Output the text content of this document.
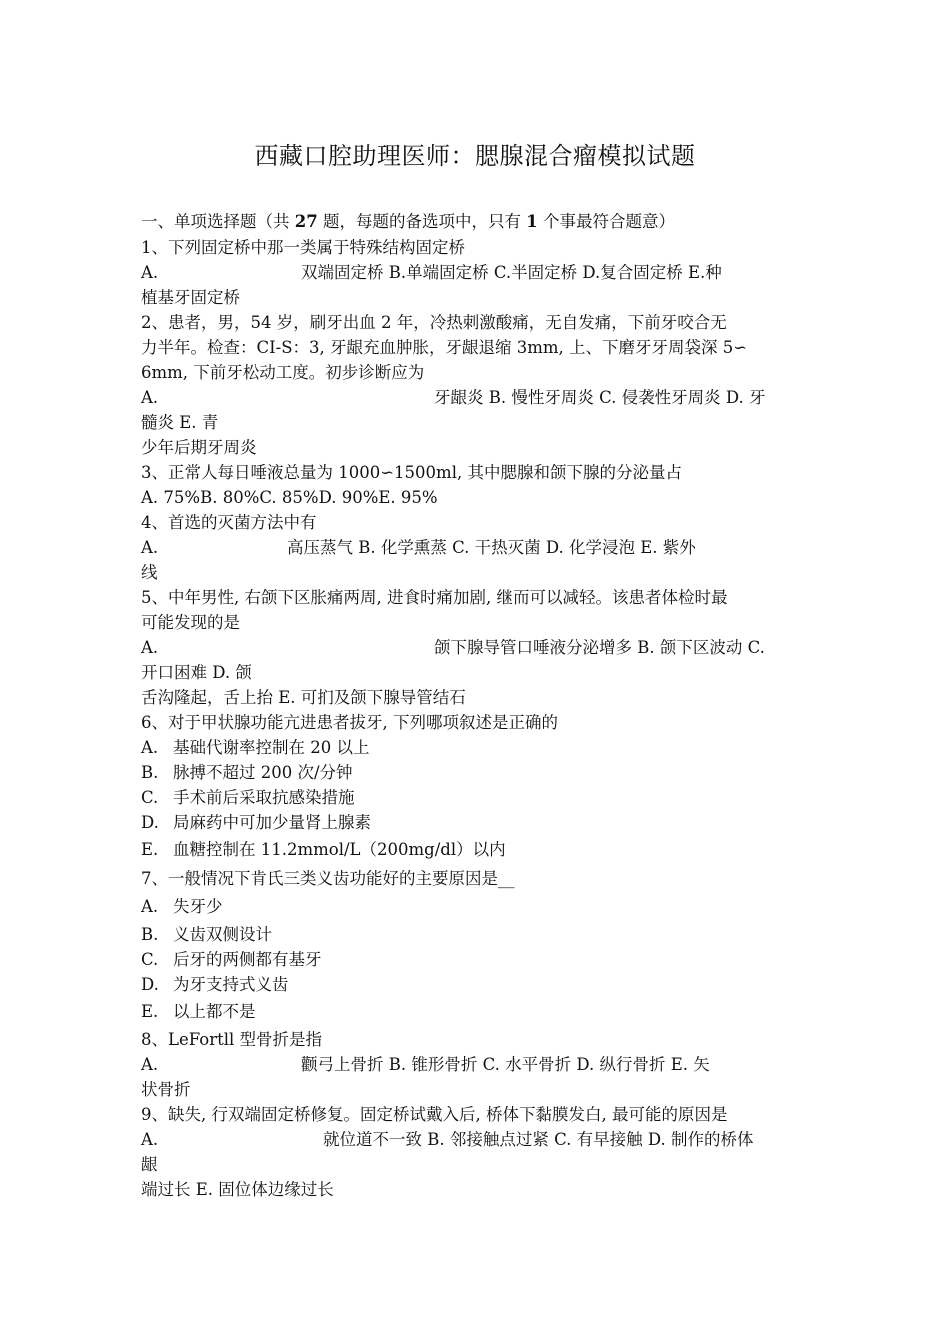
西藏口腔助理医师：腮腺混合瘤模拟试题
一、单项选择题（共 27 题，每题的备选项中，只有 1 个事最符合题意）
1、下列固定桥中那一类属于特殊结构固定桥
A.	双端固定桥 B.单端固定桥 C.半固定桥 D.复合固定桥 E.种
植基牙固定桥
2、患者，男，54 岁，刷牙出血 2 年，冷热刺激酸痛，无自发痛，下前牙咬合无
力半年。检查：CI-S：3, 牙龈充血肿胀，牙龈退缩 3mm, 上、下磨牙牙周袋深 5∽
6mm, 下前牙松动工度。初步诊断应为
A.	牙龈炎 B. 慢性牙周炎 C. 侵袭性牙周炎 D. 牙
髓炎 E. 青
少年后期牙周炎
3、正常人每日唾液总量为 1000∽1500ml, 其中腮腺和颌下腺的分泌量占
A. 75%B. 80%C. 85%D. 90%E. 95%
4、首选的灭菌方法中有
A.	高压蒸气 B. 化学熏蒸 C. 干热灭菌 D. 化学浸泡 E. 紫外
线
5、中年男性, 右颌下区胀痛两周, 进食时痛加剧, 继而可以减轻。该患者体检时最
可能发现的是
A.	颌下腺导管口唾液分泌增多 B. 颌下区波动 C.
开口困难 D. 颌
舌沟隆起，舌上抬 E. 可扪及颌下腺导管结石
6、对于甲状腺功能亢进患者拔牙, 下列哪项叙述是正确的
A. 基础代谢率控制在 20 以上
B. 脉搏不超过 200 次/分钟
C. 手术前后采取抗感染措施
D. 局麻药中可加少量肾上腺素
E. 血糖控制在 11.2mmol/L（200mg/dl）以内
7、一般情况下肯氏三类义齿功能好的主要原因是__
A. 失牙少
B. 义齿双侧设计
C. 后牙的两侧都有基牙
D. 为牙支持式义齿
E. 以上都不是
8、LeFortll 型骨折是指
A.	颧弓上骨折 B. 锥形骨折 C. 水平骨折 D. 纵行骨折 E. 矢
状骨折
9、缺失, 行双端固定桥修复。固定桥试戴入后, 桥体下黏膜发白, 最可能的原因是
A.	就位道不一致 B. 邻接触点过紧 C. 有早接触 D. 制作的桥体
龈
端过长 E. 固位体边缘过长
